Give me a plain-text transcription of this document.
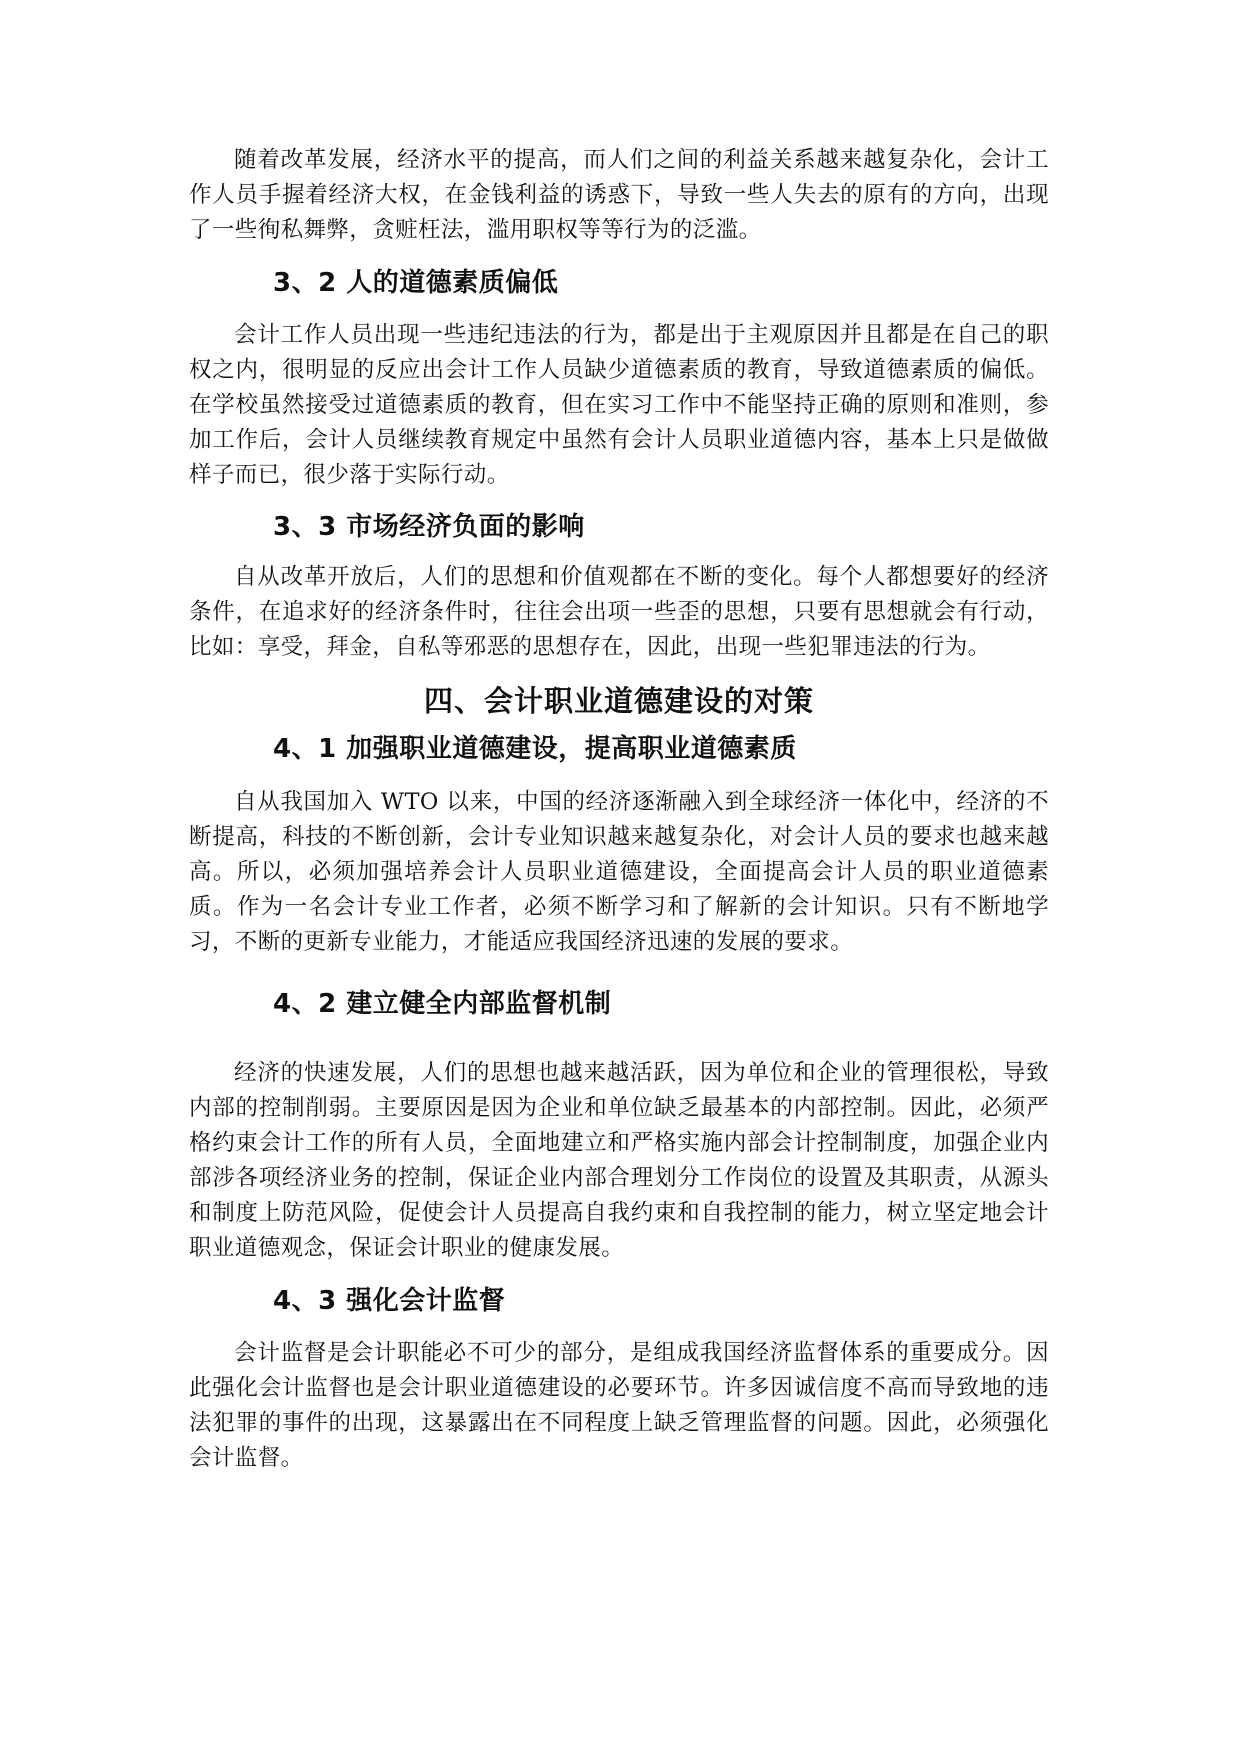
随着改革发展，经济水平的提高，而人们之间的利益关系越来越复杂化，会计工作人员手握着经济大权，在金钱利益的诱惑下，导致一些人失去的原有的方向，出现了一些徇私舞弊，贪赃枉法，滥用职权等等行为的泛滥。

3、2 人的道德素质偏低

会计工作人员出现一些违纪违法的行为，都是出于主观原因并且都是在自己的职权之内，很明显的反应出会计工作人员缺少道德素质的教育，导致道德素质的偏低。在学校虽然接受过道德素质的教育，但在实习工作中不能坚持正确的原则和准则，参加工作后，会计人员继续教育规定中虽然有会计人员职业道德内容，基本上只是做做样子而已，很少落于实际行动。

3、3 市场经济负面的影响

自从改革开放后，人们的思想和价值观都在不断的变化。每个人都想要好的经济条件，在追求好的经济条件时，往往会出项一些歪的思想，只要有思想就会有行动，比如：享受，拜金，自私等邪恶的思想存在，因此，出现一些犯罪违法的行为。

四、会计职业道德建设的对策
4、1 加强职业道德建设，提高职业道德素质

自从我国加入 WTO 以来，中国的经济逐渐融入到全球经济一体化中，经济的不断提高，科技的不断创新，会计专业知识越来越复杂化，对会计人员的要求也越来越高。所以，必须加强培养会计人员职业道德建设，全面提高会计人员的职业道德素质。作为一名会计专业工作者，必须不断学习和了解新的会计知识。只有不断地学习，不断的更新专业能力，才能适应我国经济迅速的发展的要求。

4、2 建立健全内部监督机制

经济的快速发展，人们的思想也越来越活跃，因为单位和企业的管理很松，导致内部的控制削弱。主要原因是因为企业和单位缺乏最基本的内部控制。因此，必须严格约束会计工作的所有人员，全面地建立和严格实施内部会计控制制度，加强企业内部涉各项经济业务的控制，保证企业内部合理划分工作岗位的设置及其职责，从源头和制度上防范风险，促使会计人员提高自我约束和自我控制的能力，树立坚定地会计职业道德观念，保证会计职业的健康发展。

4、3 强化会计监督

会计监督是会计职能必不可少的部分，是组成我国经济监督体系的重要成分。因此强化会计监督也是会计职业道德建设的必要环节。许多因诚信度不高而导致地的违法犯罪的事件的出现，这暴露出在不同程度上缺乏管理监督的问题。因此，必须强化会计监督。
